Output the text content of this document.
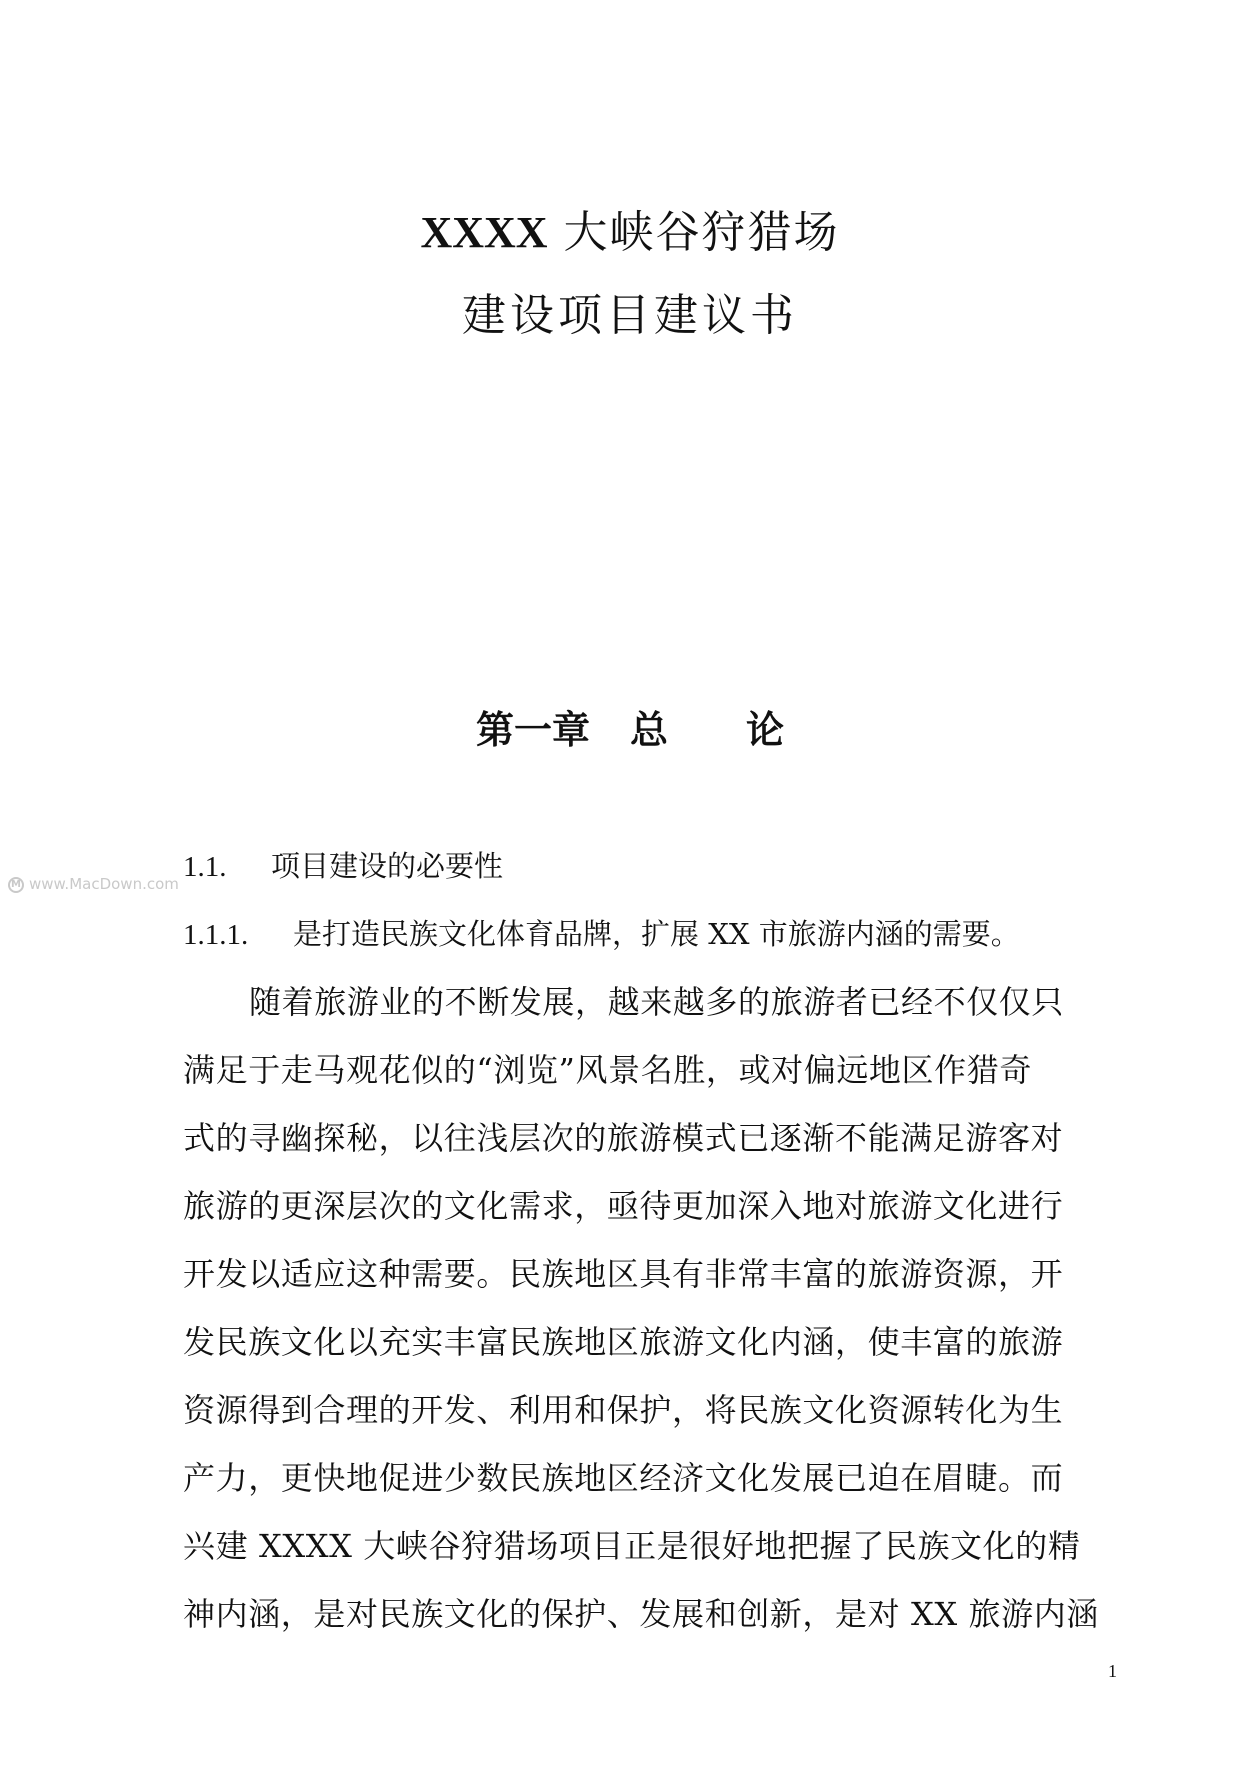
XXXX 大峡谷狩猎场
建设项目建议书
第一章 总 论
1.1. 项目建设的必要性
M www.MacDown.com
1.1.1. 是打造民族文化体育品牌，扩展 XX 市旅游内涵的需要。
随着旅游业的不断发展，越来越多的旅游者已经不仅仅只
满足于走马观花似的“浏览”风景名胜，或对偏远地区作猎奇
式的寻幽探秘，以往浅层次的旅游模式已逐渐不能满足游客对
旅游的更深层次的文化需求，亟待更加深入地对旅游文化进行
开发以适应这种需要。民族地区具有非常丰富的旅游资源，开
发民族文化以充实丰富民族地区旅游文化内涵，使丰富的旅游
资源得到合理的开发、利用和保护，将民族文化资源转化为生
产力，更快地促进少数民族地区经济文化发展已迫在眉睫。而
兴建 XXXX 大峡谷狩猎场项目正是很好地把握了民族文化的精
神内涵，是对民族文化的保护、发展和创新，是对 XX 旅游内涵
1
